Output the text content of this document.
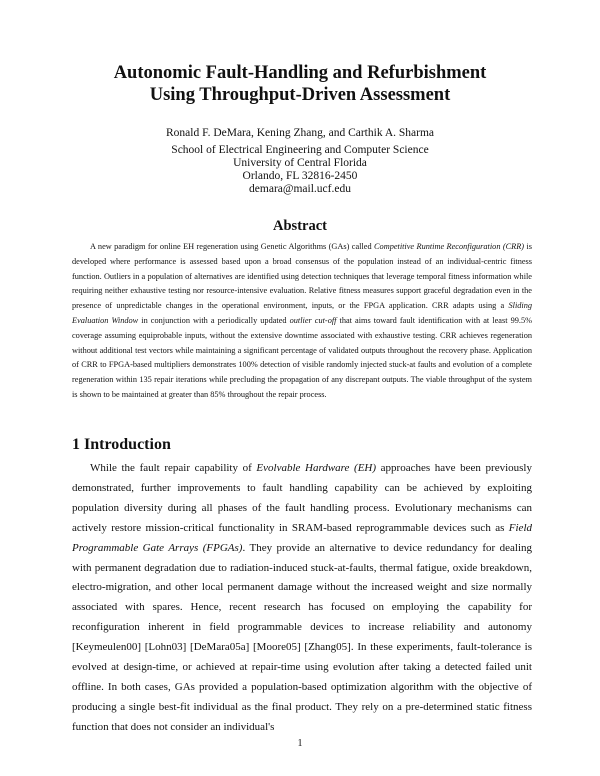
Autonomic Fault-Handling and Refurbishment
Using Throughput-Driven Assessment
Ronald F. DeMara, Kening Zhang, and Carthik A. Sharma
School of Electrical Engineering and Computer Science
University of Central Florida
Orlando, FL 32816-2450
demara@mail.ucf.edu
Abstract

A new paradigm for online EH regeneration using Genetic Algorithms (GAs) called Competitive Runtime Reconfiguration (CRR) is developed where performance is assessed based upon a broad consensus of the population instead of an individual-centric fitness function. Outliers in a population of alternatives are identified using detection techniques that leverage temporal fitness information while requiring neither exhaustive testing nor resource-intensive evaluation. Relative fitness measures support graceful degradation even in the presence of unpredictable changes in the operational environment, inputs, or the FPGA application. CRR adapts using a Sliding Evaluation Window in conjunction with a periodically updated outlier cut-off that aims toward fault identification with at least 99.5% coverage assuming equiprobable inputs, without the extensive downtime associated with exhaustive testing. CRR achieves regeneration without additional test vectors while maintaining a significant percentage of validated outputs throughout the recovery phase. Application of CRR to FPGA-based multipliers demonstrates 100% detection of visible randomly injected stuck-at faults and evolution of a complete regeneration within 135 repair iterations while precluding the propagation of any discrepant outputs. The viable throughput of the system is shown to be maintained at greater than 85% throughout the repair process.

1 Introduction

While the fault repair capability of Evolvable Hardware (EH) approaches have been previously demonstrated, further improvements to fault handling capability can be achieved by exploiting population diversity during all phases of the fault handling process. Evolutionary mechanisms can actively restore mission-critical functionality in SRAM-based reprogrammable devices such as Field Programmable Gate Arrays (FPGAs). They provide an alternative to device redundancy for dealing with permanent degradation due to radiation-induced stuck-at-faults, thermal fatigue, oxide breakdown, electro-migration, and other local permanent damage without the increased weight and size normally associated with spares. Hence, recent research has focused on employing the capability for reconfiguration inherent in field programmable devices to increase reliability and autonomy [Keymeulen00] [Lohn03] [DeMara05a] [Moore05] [Zhang05]. In these experiments, fault-tolerance is evolved at design-time, or achieved at repair-time using evolution after taking a detected failed unit offline. In both cases, GAs provided a population-based optimization algorithm with the objective of producing a single best-fit individual as the final product. They rely on a pre-determined static fitness function that does not consider an individual's

1
